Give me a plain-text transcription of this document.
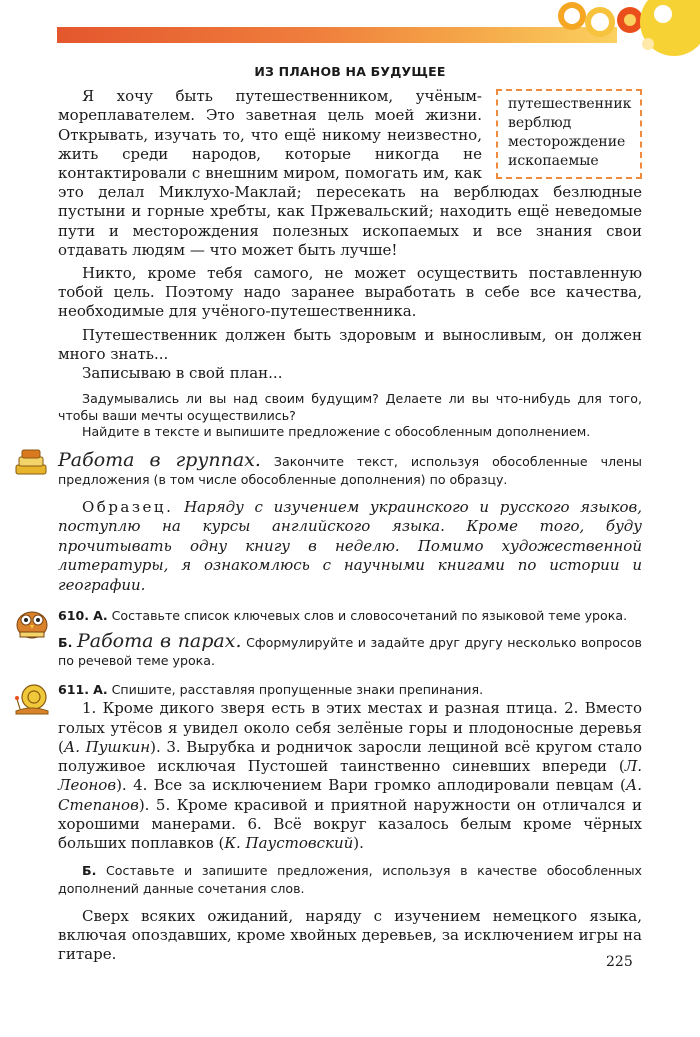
ИЗ ПЛАНОВ НА БУДУЩЕЕ
путешественник
верблюд
месторождение
ископаемые

Я хочу быть путешественником, учёным-мореплавателем. Это заветная цель моей жизни. Открывать, изучать то, что ещё никому неизвестно, жить среди народов, которые никогда не контактировали с внешним миром, помогать им, как это делал Миклухо-Маклай; пересекать на верблюдах безлюдные пустыни и горные хребты, как Пржевальский; находить ещё неведомые пути и месторождения полезных ископаемых и все знания свои отдавать людям — что может быть лучше!

Никто, кроме тебя самого, не может осуществить поставленную тобой цель. Поэтому надо заранее выработать в себе все качества, необходимые для учёного-путешественника.

Путешественник должен быть здоровым и выносливым, он должен много знать...

Записываю в свой план...

Задумывались ли вы над своим будущим? Делаете ли вы что-нибудь для того, чтобы ваши мечты осуществились?

Найдите в тексте и выпишите предложение с обособленным дополнением.

Работа в группах. Закончите текст, используя обособленные члены предложения (в том числе обособленные дополнения) по образцу.

Образец. Наряду с изучением украинского и русского языков, поступлю на курсы английского языка. Кроме того, буду прочитывать одну книгу в неделю. Помимо художественной литературы, я ознакомлюсь с научными книгами по истории и географии.

610. А. Составьте список ключевых слов и словосочетаний по языковой теме урока.

Б. Работа в парах. Сформулируйте и задайте друг другу несколько вопросов по речевой теме урока.

611. А. Спишите, расставляя пропущенные знаки препинания.

1. Кроме дикого зверя есть в этих местах и разная птица. 2. Вместо голых утёсов я увидел около себя зелёные горы и плодоносные деревья (А. Пушкин). 3. Вырубка и родничок заросли лещиной всё кругом стало полуживое исключая Пустошей таинственно синевших впереди (Л. Леонов). 4. Все за исключением Вари громко аплодировали певцам (А. Степанов). 5. Кроме красивой и приятной наружности он отличался и хорошими манерами. 6. Всё вокруг казалось белым кроме чёрных больших поплавков (К. Паустовский).

Б. Составьте и запишите предложения, используя в качестве обособленных дополнений данные сочетания слов.

Сверх всяких ожиданий, наряду с изучением немецкого языка, включая опоздавших, кроме хвойных деревьев, за исключением игры на гитаре.	225
